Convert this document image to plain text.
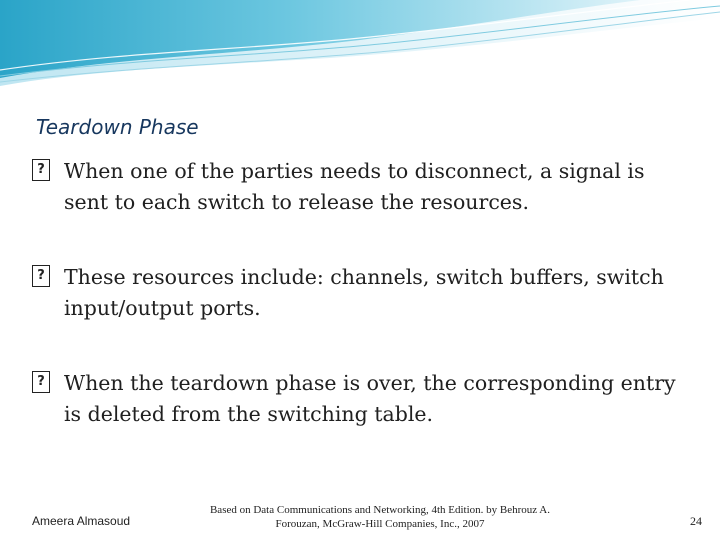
Teardown Phase
? When one of the parties needs to disconnect, a signal is sent to each switch to release the resources.
? These resources include: channels, switch buffers, switch input/output ports.
? When the teardown phase is over, the corresponding entry is deleted from the switching table.
Ameera Almasoud
Based on Data Communications and Networking, 4th Edition. by Behrouz A.
Forouzan, McGraw-Hill Companies, Inc., 2007	24
